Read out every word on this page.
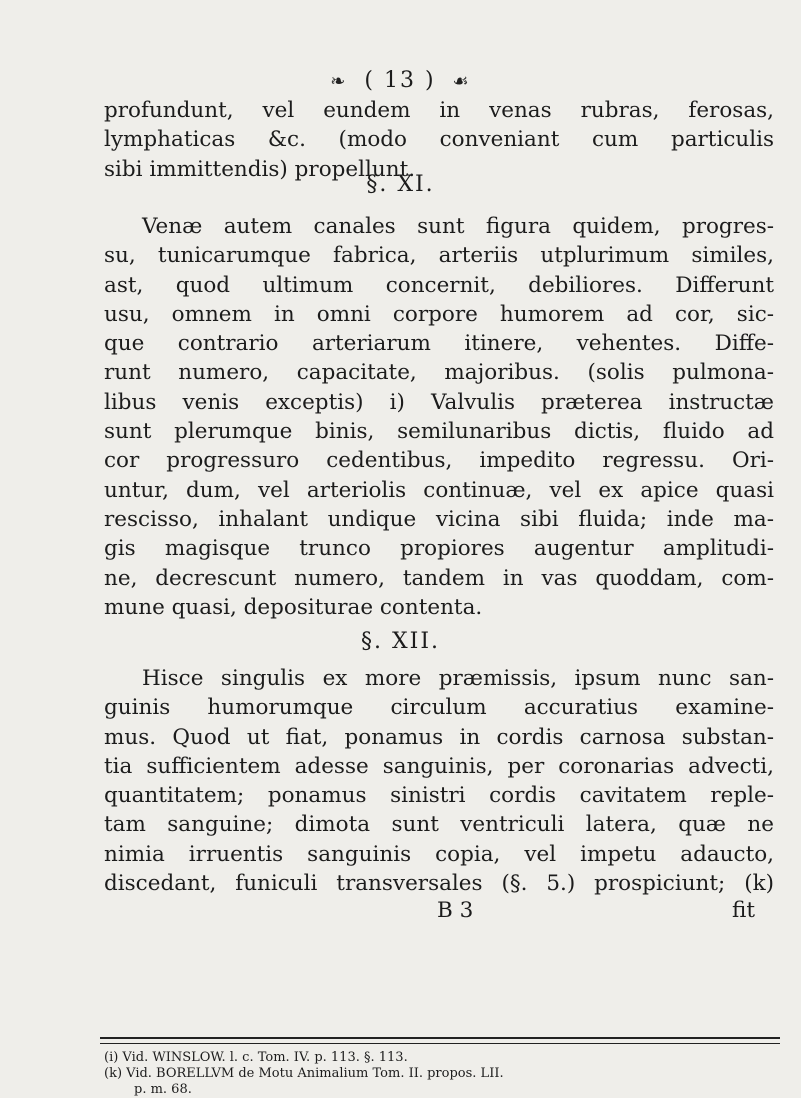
❧ ( 13 ) ☙
profundunt, vel eundem in venas rubras, ferosas,
lymphaticas &c. (modo conveniant cum particulis
sibi immittendis) propellunt.
§. XI.
Venæ autem canales sunt figura quidem, progres-
su, tunicarumque fabrica, arteriis utplurimum similes,
ast, quod ultimum concernit, debiliores. Differunt
usu, omnem in omni corpore humorem ad cor, sic-
que contrario arteriarum itinere, vehentes. Diffe-
runt numero, capacitate, majoribus. (solis pulmona-
libus venis exceptis) i) Valvulis præterea instructæ
sunt plerumque binis, semilunaribus dictis, fluido ad
cor progressuro cedentibus, impedito regressu. Ori-
untur, dum, vel arteriolis continuæ, vel ex apice quasi
rescisso, inhalant undique vicina sibi fluida; inde ma-
gis magisque trunco propiores augentur amplitudi-
ne, decrescunt numero, tandem in vas quoddam, com-
mune quasi, depositurae contenta.
§. XII.
Hisce singulis ex more præmissis, ipsum nunc san-
guinis humorumque circulum accuratius examine-
mus. Quod ut fiat, ponamus in cordis carnosa substan-
tia sufficientem adesse sanguinis, per coronarias advecti,
quantitatem; ponamus sinistri cordis cavitatem reple-
tam sanguine; dimota sunt ventriculi latera, quæ ne
nimia irruentis sanguinis copia, vel impetu adaucto,
discedant, funiculi transversales (§. 5.) prospiciunt; (k)
B 3	fit
(i) Vid. WINSLOW. l. c. Tom. IV. p. 113. §. 113.
(k) Vid. BORELLVM de Motu Animalium Tom. II. propos. LII.
p. m. 68.
